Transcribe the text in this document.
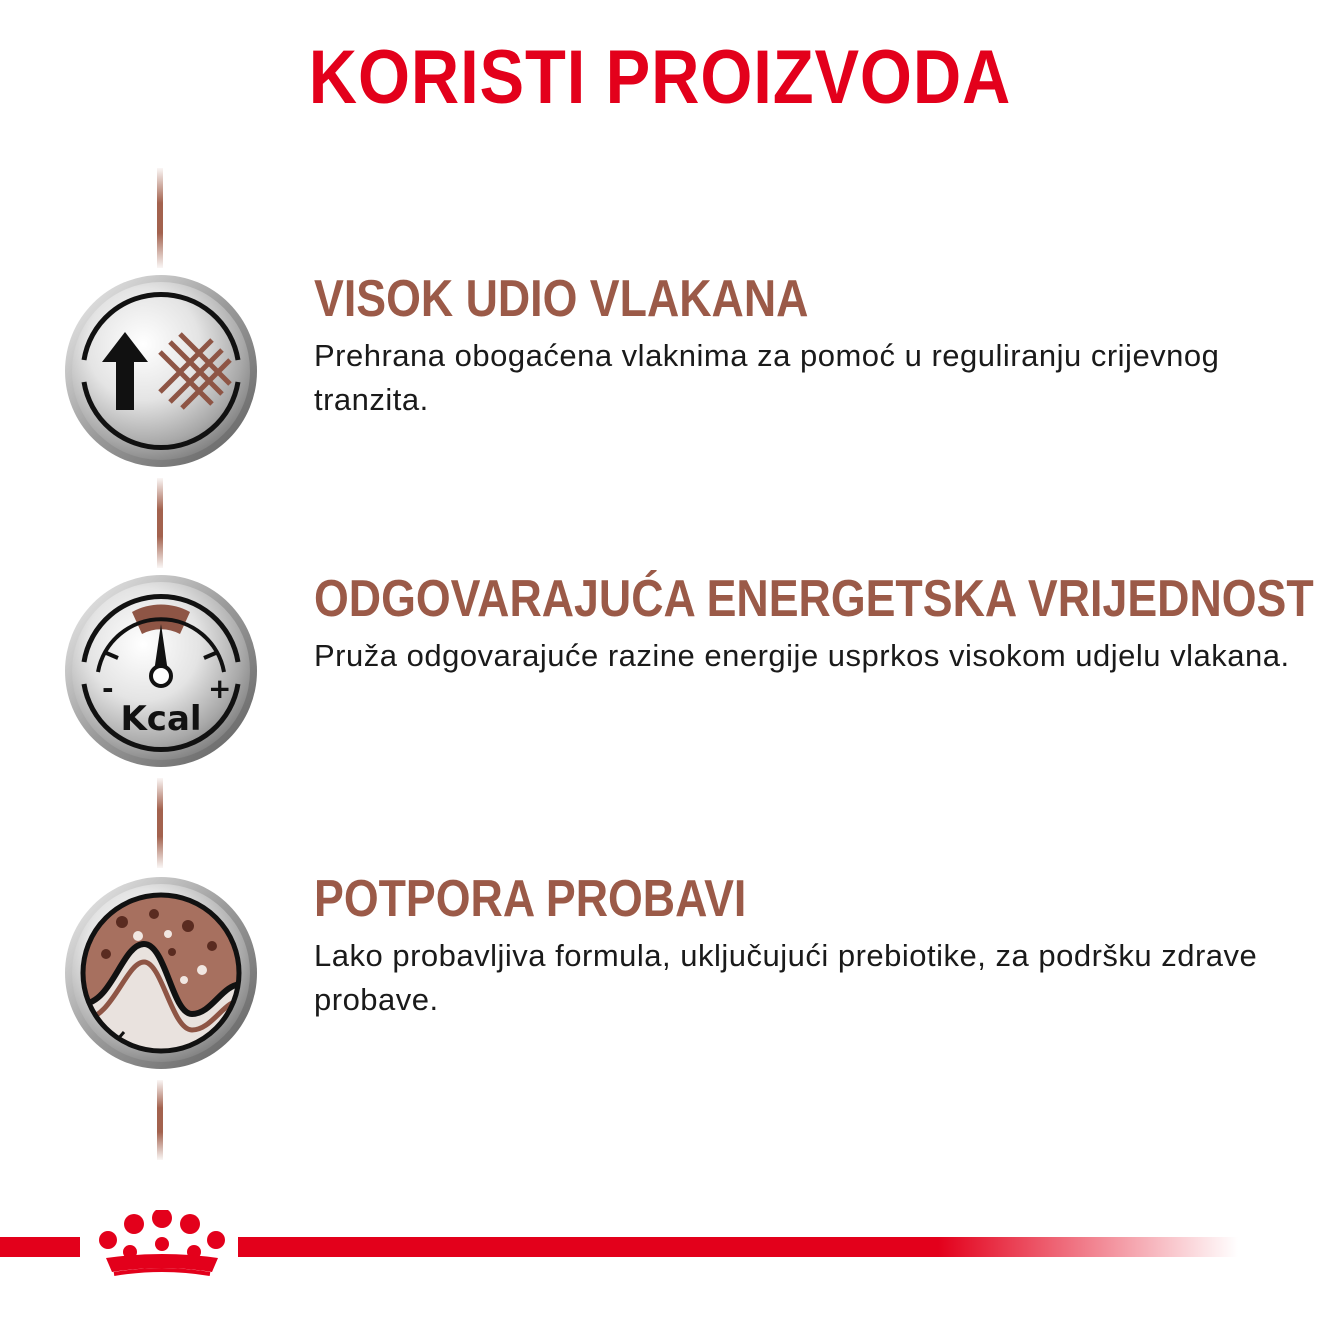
KORISTI PROIZVODA
VISOK UDIO VLAKANA

Prehrana obogaćena vlaknima za pomoć u reguliranju crijevnog tranzita.

-	+
Kcal
ODGOVARAJUĆA ENERGETSKA VRIJEDNOST

Pruža odgovarajuće razine energije usprkos visokom udjelu vlakana.

POTPORA PROBAVI

Lako probavljiva formula, uključujući prebiotike, za podršku zdrave probave.
